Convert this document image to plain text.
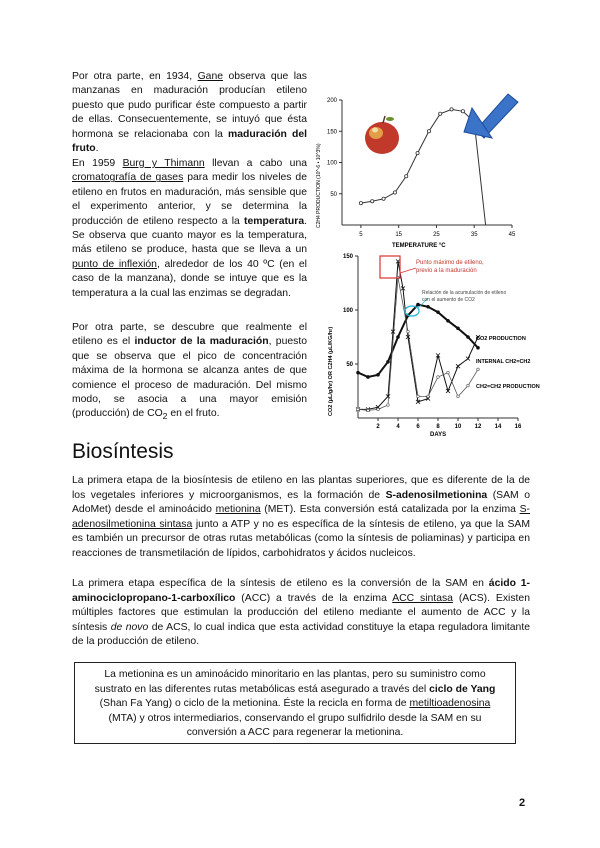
Por otra parte, en 1934, Gane observa que las manzanas en maduración producían etileno puesto que pudo purificar éste compuesto a partir de ellas. Consecuentemente, se intuyó que ésta hormona se relacionaba con la maduración del fruto.
En 1959 Burg y Thimann llevan a cabo una cromatografía de gases para medir los niveles de etileno en frutos en maduración, más sensible que el experimento anterior, y se determina la producción de etileno respecto a la temperatura. Se observa que cuanto mayor es la temperatura, más etileno se produce, hasta que se lleva a un punto de inflexión, alrededor de los 40 ºC (en el caso de la manzana), donde se intuye que es la temperatura a la cual las enzimas se degradan.
Por otra parte, se descubre que realmente el etileno es el inductor de la maduración, puesto que se observa que el pico de concentración máxima de la hormona se alcanza antes de que comience el proceso de maduración. Del mismo modo, se asocia a una mayor emisión (producción) de $CO_2$ en el fruto.
50
100
150
200
5	15	25	35	45
TEMPERATURE °C
C2H4 PRODUCTION (10^-6 • 10^3%)
50
100
150
2	4	6	8 10 12 14 16
Punto máximo de etileno, previo a la maduración
Relación de la acumulación de etileno con el aumento de CO2
CO2 PRODUCTION
INTERNAL CH2=CH2
CH2=CH2 PRODUCTION
DAYS
CO2 (μL/g/hr) OR C2H4 (μL/KG/hr)
Biosíntesis
La primera etapa de la biosíntesis de etileno en las plantas superiores, que es diferente de la de los vegetales inferiores y microorganismos, es la formación de S-adenosilmetionina (SAM o AdoMet) desde el aminoácido metionina (MET). Esta conversión está catalizada por la enzima S-adenosilmetionina sintasa junto a ATP y no es específica de la síntesis de etileno, ya que la SAM es también un precursor de otras rutas metabólicas (como la síntesis de poliaminas) y participa en reacciones de transmetilación de lípidos, carbohidratos y ácidos nucleicos.
La primera etapa específica de la síntesis de etileno es la conversión de la SAM en ácido 1-aminociclopropano-1-carboxílico (ACC) a través de la enzima ACC sintasa (ACS). Existen múltiples factores que estimulan la producción del etileno mediante el aumento de ACC y la síntesis de novo de ACS, lo cual indica que esta actividad constituye la etapa reguladora limitante de la producción de etileno.
La metionina es un aminoácido minoritario en las plantas, pero su suministro como sustrato en las diferentes rutas metabólicas está asegurado a través del ciclo de Yang (Shan Fa Yang) o ciclo de la metionina. Éste la recicla en forma de metiltioadenosina (MTA) y otros intermediarios, conservando el grupo sulfidrilo desde la SAM en su conversión a ACC para regenerar la metionina.
2
